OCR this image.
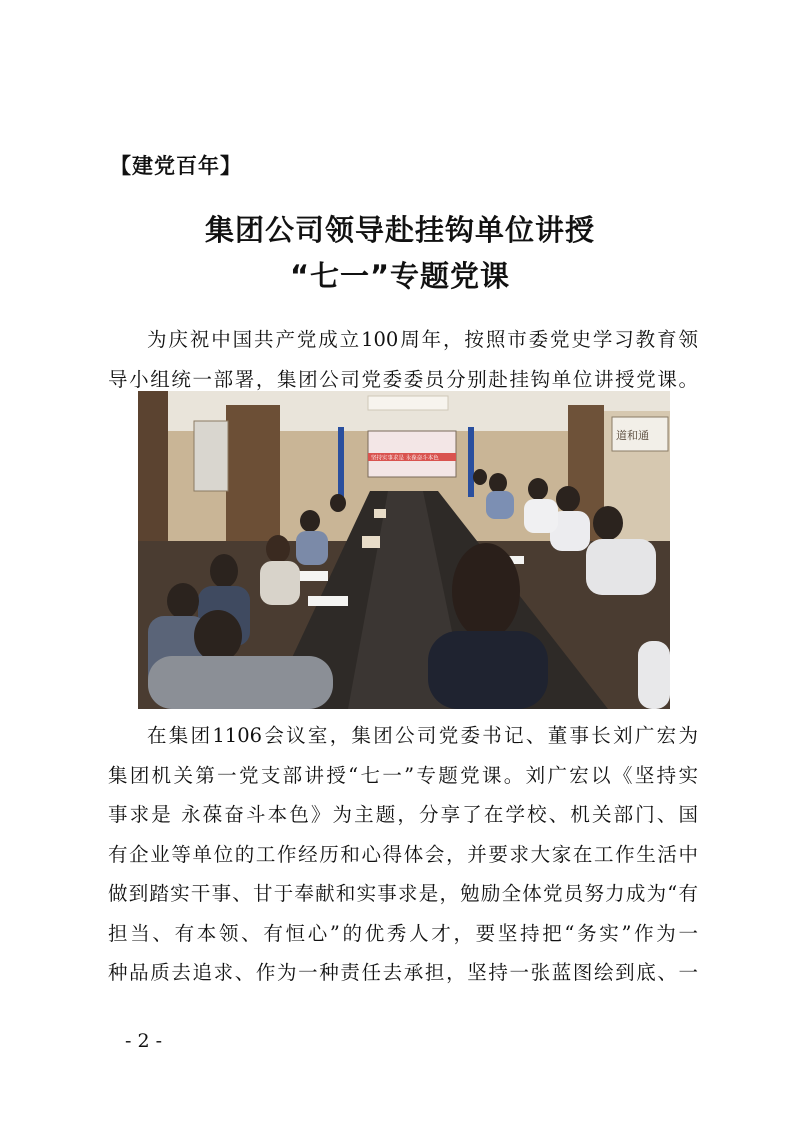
【建党百年】
集团公司领导赴挂钩单位讲授
“七一”专题党课
为庆祝中国共产党成立100周年，按照市委党史学习教育领
导小组统一部署，集团公司党委委员分别赴挂钩单位讲授党课。
道和通
坚持实事求是 永葆奋斗本色
在集团1106会议室，集团公司党委书记、董事长刘广宏为
集团机关第一党支部讲授“七一”专题党课。刘广宏以《坚持实
事求是 永葆奋斗本色》为主题，分享了在学校、机关部门、国
有企业等单位的工作经历和心得体会，并要求大家在工作生活中
做到踏实干事、甘于奉献和实事求是，勉励全体党员努力成为“有
担当、有本领、有恒心”的优秀人才，要坚持把“务实”作为一
种品质去追求、作为一种责任去承担，坚持一张蓝图绘到底、一
- 2 -
